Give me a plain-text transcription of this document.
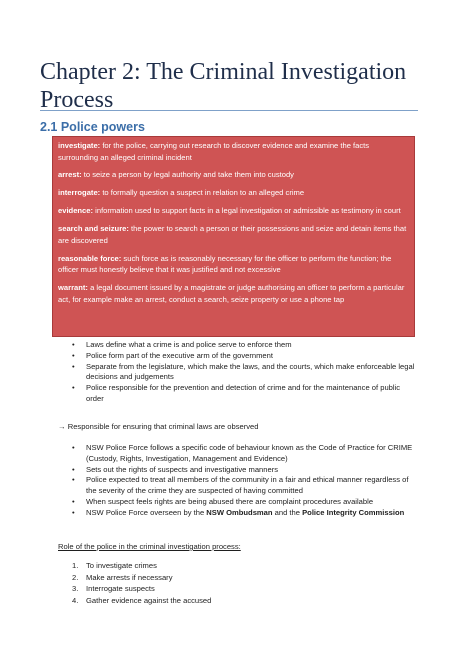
Chapter 2: The Criminal Investigation Process
2.1 Police powers

investigate: for the police, carrying out research to discover evidence and examine the facts surrounding an alleged criminal incident

arrest: to seize a person by legal authority and take them into custody

interrogate: to formally question a suspect in relation to an alleged crime

evidence: information used to support facts in a legal investigation or admissible as testimony in court

search and seizure: the power to search a person or their possessions and seize and detain items that are discovered

reasonable force: such force as is reasonably necessary for the officer to perform the function; the officer must honestly believe that it was justified and not excessive

warrant: a legal document issued by a magistrate or judge authorising an officer to perform a particular act, for example make an arrest, conduct a search, seize property or use a phone tap

• Laws define what a crime is and police serve to enforce them
• Police form part of the executive arm of the government
• Separate from the legislature, which make the laws, and the courts, which make enforceable legal decisions and judgements
• Police responsible for the prevention and detection of crime and for the maintenance of public order
→ Responsible for ensuring that criminal laws are observed
• NSW Police Force follows a specific code of behaviour known as the Code of Practice for CRIME (Custody, Rights, Investigation, Management and Evidence)
• Sets out the rights of suspects and investigative manners
• Police expected to treat all members of the community in a fair and ethical manner regardless of the severity of the crime they are suspected of having committed
• When suspect feels rights are being abused there are complaint procedures available
• NSW Police Force overseen by the NSW Ombudsman and the Police Integrity Commission
Role of the police in the criminal investigation process:
1. To investigate crimes
2. Make arrests if necessary
3. Interrogate suspects
4. Gather evidence against the accused
